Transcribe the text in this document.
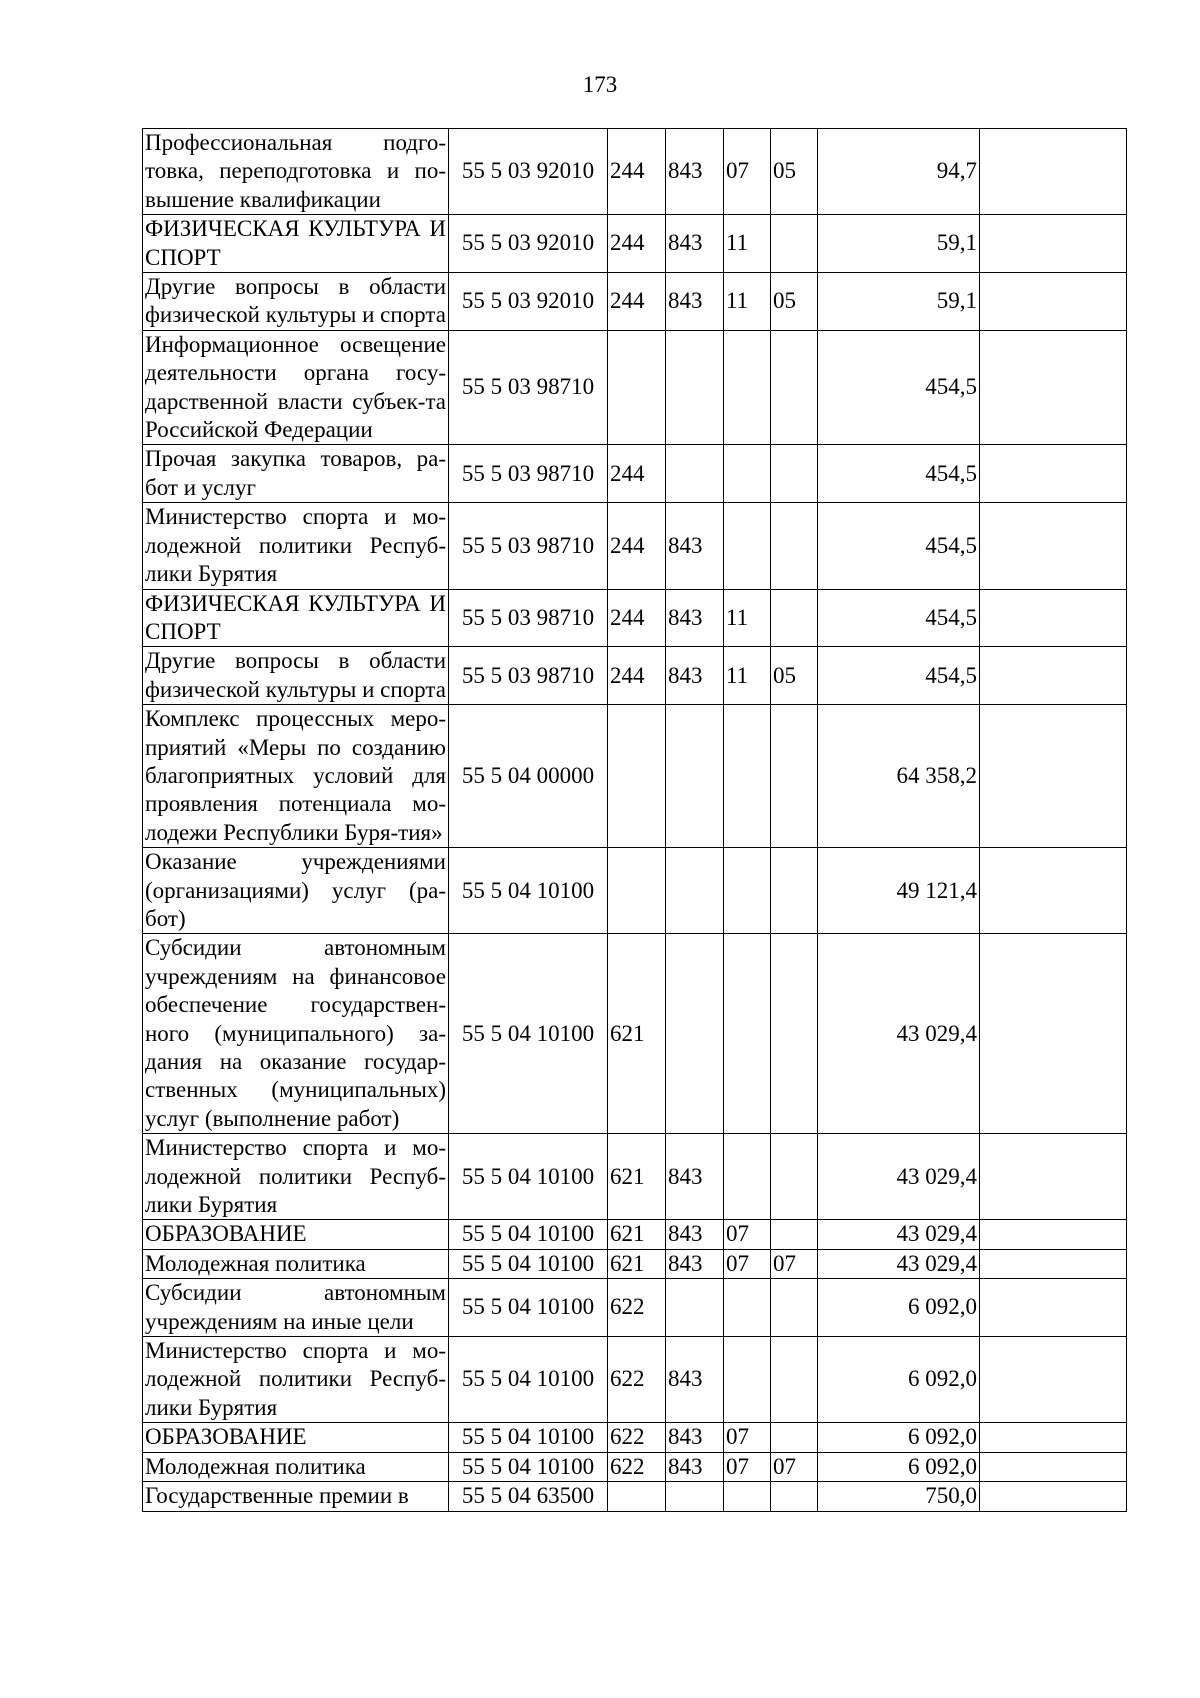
173
Профессиональная подго-товка, переподготовка и по-вышение квалификации	55 5 03 92010	244	843	07	05	94,7	
ФИЗИЧЕСКАЯ КУЛЬТУРА И СПОРТ	55 5 03 92010	244	843	11		59,1	
Другие вопросы в области физической культуры и спорта	55 5 03 92010	244	843	11	05	59,1	
Информационное освещение деятельности органа госу-дарственной власти субъек-та Российской Федерации	55 5 03 98710					454,5	
Прочая закупка товаров, ра-бот и услуг	55 5 03 98710	244				454,5	
Министерство спорта и мо-лодежной политики Респуб-лики Бурятия	55 5 03 98710	244	843			454,5	
ФИЗИЧЕСКАЯ КУЛЬТУРА И СПОРТ	55 5 03 98710	244	843	11		454,5	
Другие вопросы в области физической культуры и спорта	55 5 03 98710	244	843	11	05	454,5	
Комплекс процессных меро-приятий «Меры по созданию благоприятных условий для проявления потенциала мо-лодежи Республики Буря-тия»	55 5 04 00000					64 358,2	
Оказание учреждениями (организациями) услуг (ра-бот)	55 5 04 10100					49 121,4	
Субсидии автономным учреждениям на финансовое обеспечение государствен-ного (муниципального) за-дания на оказание государ-ственных (муниципальных) услуг (выполнение работ)	55 5 04 10100	621				43 029,4	
Министерство спорта и мо-лодежной политики Респуб-лики Бурятия	55 5 04 10100	621	843			43 029,4	
ОБРАЗОВАНИЕ	55 5 04 10100	621	843	07		43 029,4	
Молодежная политика	55 5 04 10100	621	843	07	07	43 029,4	
Субсидии автономным учреждениям на иные цели	55 5 04 10100	622				6 092,0	
Министерство спорта и мо-лодежной политики Респуб-лики Бурятия	55 5 04 10100	622	843			6 092,0	
ОБРАЗОВАНИЕ	55 5 04 10100	622	843	07		6 092,0	
Молодежная политика	55 5 04 10100	622	843	07	07	6 092,0	
Государственные премии в	55 5 04 63500					750,0	
